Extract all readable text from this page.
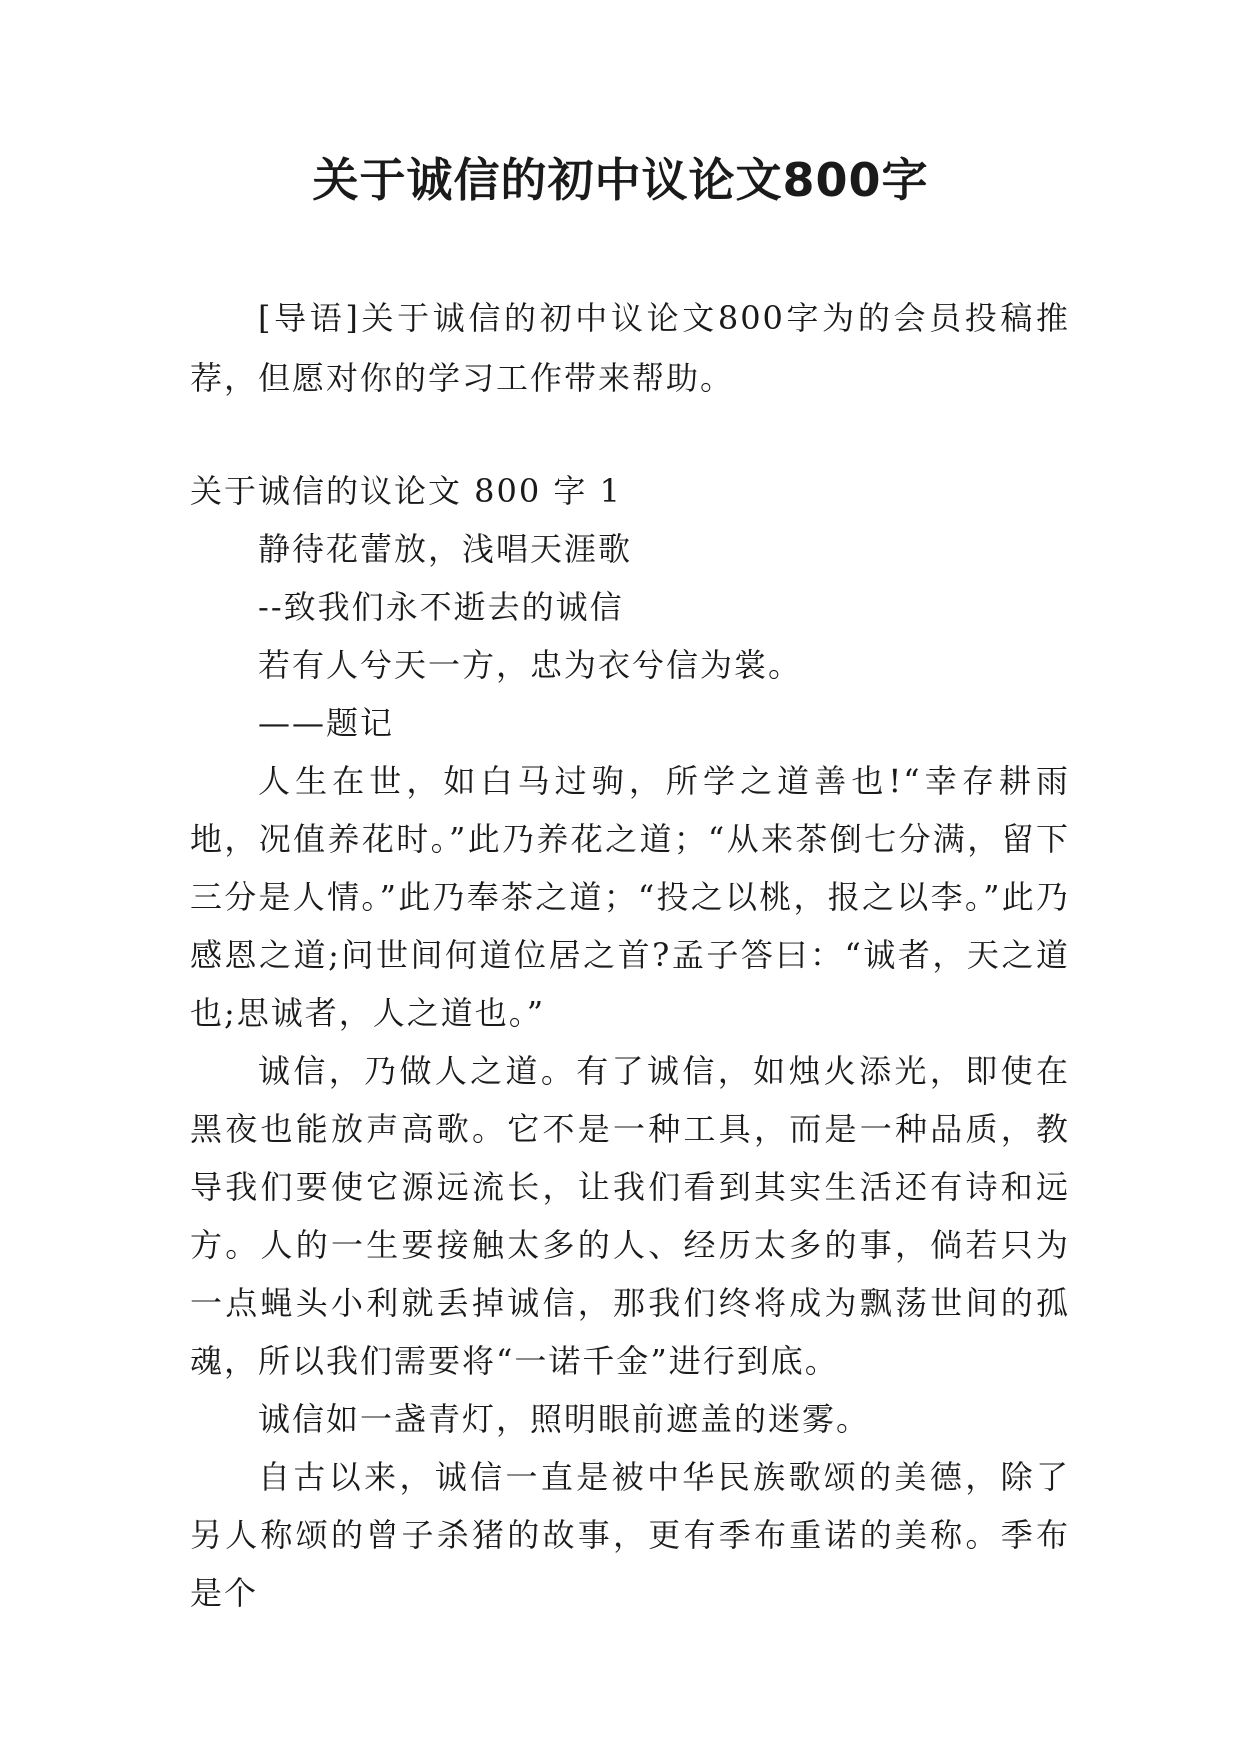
关于诚信的初中议论文800字

[导语]关于诚信的初中议论文800字为的会员投稿推荐，但愿对你的学习工作带来帮助。

关于诚信的议论文 800 字 1

静待花蕾放，浅唱天涯歌

--致我们永不逝去的诚信

若有人兮天一方，忠为衣兮信为裳。

——题记

人生在世，如白马过驹，所学之道善也!“幸存耕雨地，况值养花时。”此乃养花之道；“从来茶倒七分满，留下三分是人情。”此乃奉茶之道；“投之以桃，报之以李。”此乃感恩之道;问世间何道位居之首?孟子答曰：“诚者，天之道也;思诚者，人之道也。”

诚信，乃做人之道。有了诚信，如烛火添光，即使在黑夜也能放声高歌。它不是一种工具，而是一种品质，教导我们要使它源远流长，让我们看到其实生活还有诗和远方。人的一生要接触太多的人、经历太多的事，倘若只为一点蝇头小利就丢掉诚信，那我们终将成为飘荡世间的孤魂，所以我们需要将“一诺千金”进行到底。

诚信如一盏青灯，照明眼前遮盖的迷雾。

自古以来，诚信一直是被中华民族歌颂的美德，除了另人称颂的曾子杀猪的故事，更有季布重诺的美称。季布是个
